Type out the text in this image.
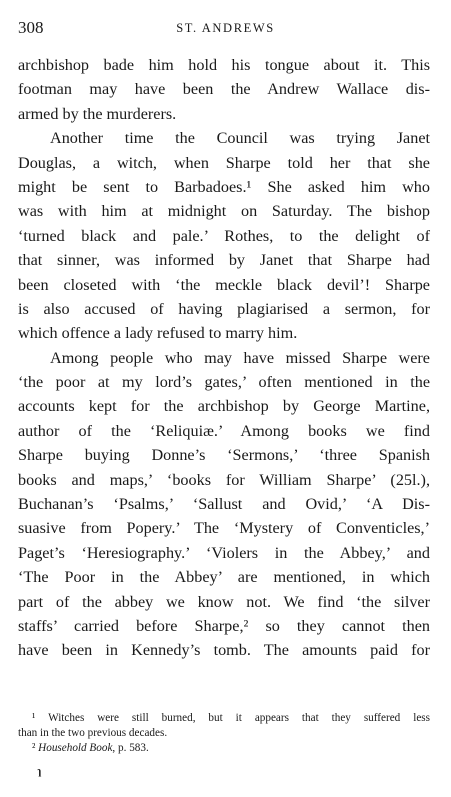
308	ST. ANDREWS
archbishop bade him hold his tongue about it. This
footman may have been the Andrew Wallace dis-
armed by the murderers.
Another time the Council was trying Janet
Douglas, a witch, when Sharpe told her that she
might be sent to Barbadoes.¹ She asked him who
was with him at midnight on Saturday. The bishop
‘turned black and pale.’ Rothes, to the delight of
that sinner, was informed by Janet that Sharpe had
been closeted with ‘the meckle black devil’! Sharpe
is also accused of having plagiarised a sermon, for
which offence a lady refused to marry him.
Among people who may have missed Sharpe were
‘the poor at my lord’s gates,’ often mentioned in the
accounts kept for the archbishop by George Martine,
author of the ‘Reliquiæ.’ Among books we find
Sharpe buying Donne’s ‘Sermons,’ ‘three Spanish
books and maps,’ ‘books for William Sharpe’ (25l.),
Buchanan’s ‘Psalms,’ ‘Sallust and Ovid,’ ‘A Dis-
suasive from Popery.’ The ‘Mystery of Conventicles,’
Paget’s ‘Heresiography.’ ‘Violers in the Abbey,’ and
‘The Poor in the Abbey’ are mentioned, in which
part of the abbey we know not. We find ‘the silver
staffs’ carried before Sharpe,² so they cannot then
have been in Kennedy’s tomb. The amounts paid for
¹ Witches were still burned, but it appears that they suffered less
than in the two previous decades.
² Household Book, p. 583.
ɿ
